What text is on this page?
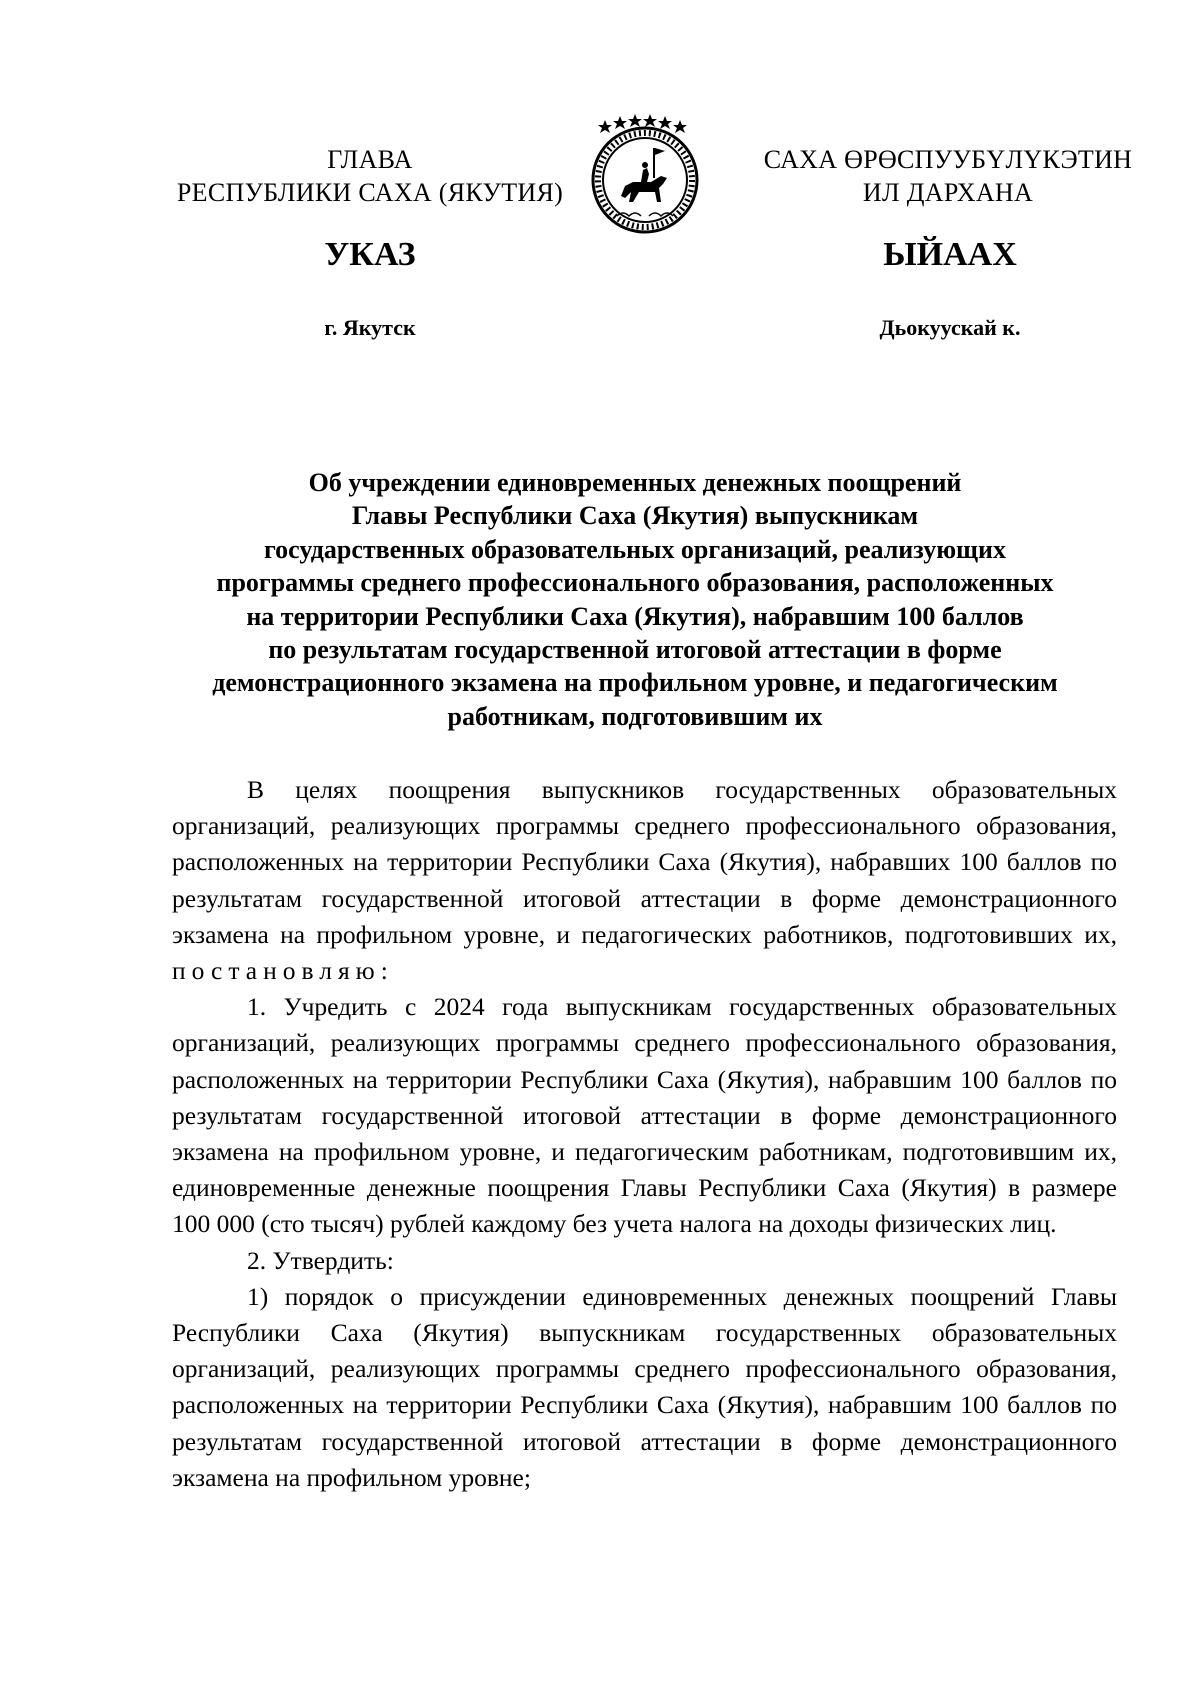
ГЛАВА
РЕСПУБЛИКИ САХА (ЯКУТИЯ)
САХА ӨРӨСПУУБҮЛҮКЭТИН
ИЛ ДАРХАНА
УКАЗ	ЫЙААХ
г. Якутск	Дьокуускай к.
Об учреждении единовременных денежных поощрений
Главы Республики Саха (Якутия) выпускникам
государственных образовательных организаций, реализующих
программы среднего профессионального образования, расположенных
на территории Республики Саха (Якутия), набравшим 100 баллов
по результатам государственной итоговой аттестации в форме
демонстрационного экзамена на профильном уровне, и педагогическим
работникам, подготовившим их

В целях поощрения выпускников государственных образовательных организаций, реализующих программы среднего профессионального образования, расположенных на территории Республики Саха (Якутия), набравших 100 баллов по результатам государственной итоговой аттестации в форме демонстрационного экзамена на профильном уровне, и педагогических работников, подготовивших их, постановляю:

1. Учредить с 2024 года выпускникам государственных образовательных организаций, реализующих программы среднего профессионального образования, расположенных на территории Республики Саха (Якутия), набравшим 100 баллов по результатам государственной итоговой аттестации в форме демонстрационного экзамена на профильном уровне, и педагогическим работникам, подготовившим их, единовременные денежные поощрения Главы Республики Саха (Якутия) в размере 100 000 (сто тысяч) рублей каждому без учета налога на доходы физических лиц.

2. Утвердить:

1) порядок о присуждении единовременных денежных поощрений Главы Республики Саха (Якутия) выпускникам государственных образовательных организаций, реализующих программы среднего профессионального образования, расположенных на территории Республики Саха (Якутия), набравшим 100 баллов по результатам государственной итоговой аттестации в форме демонстрационного экзамена на профильном уровне;
